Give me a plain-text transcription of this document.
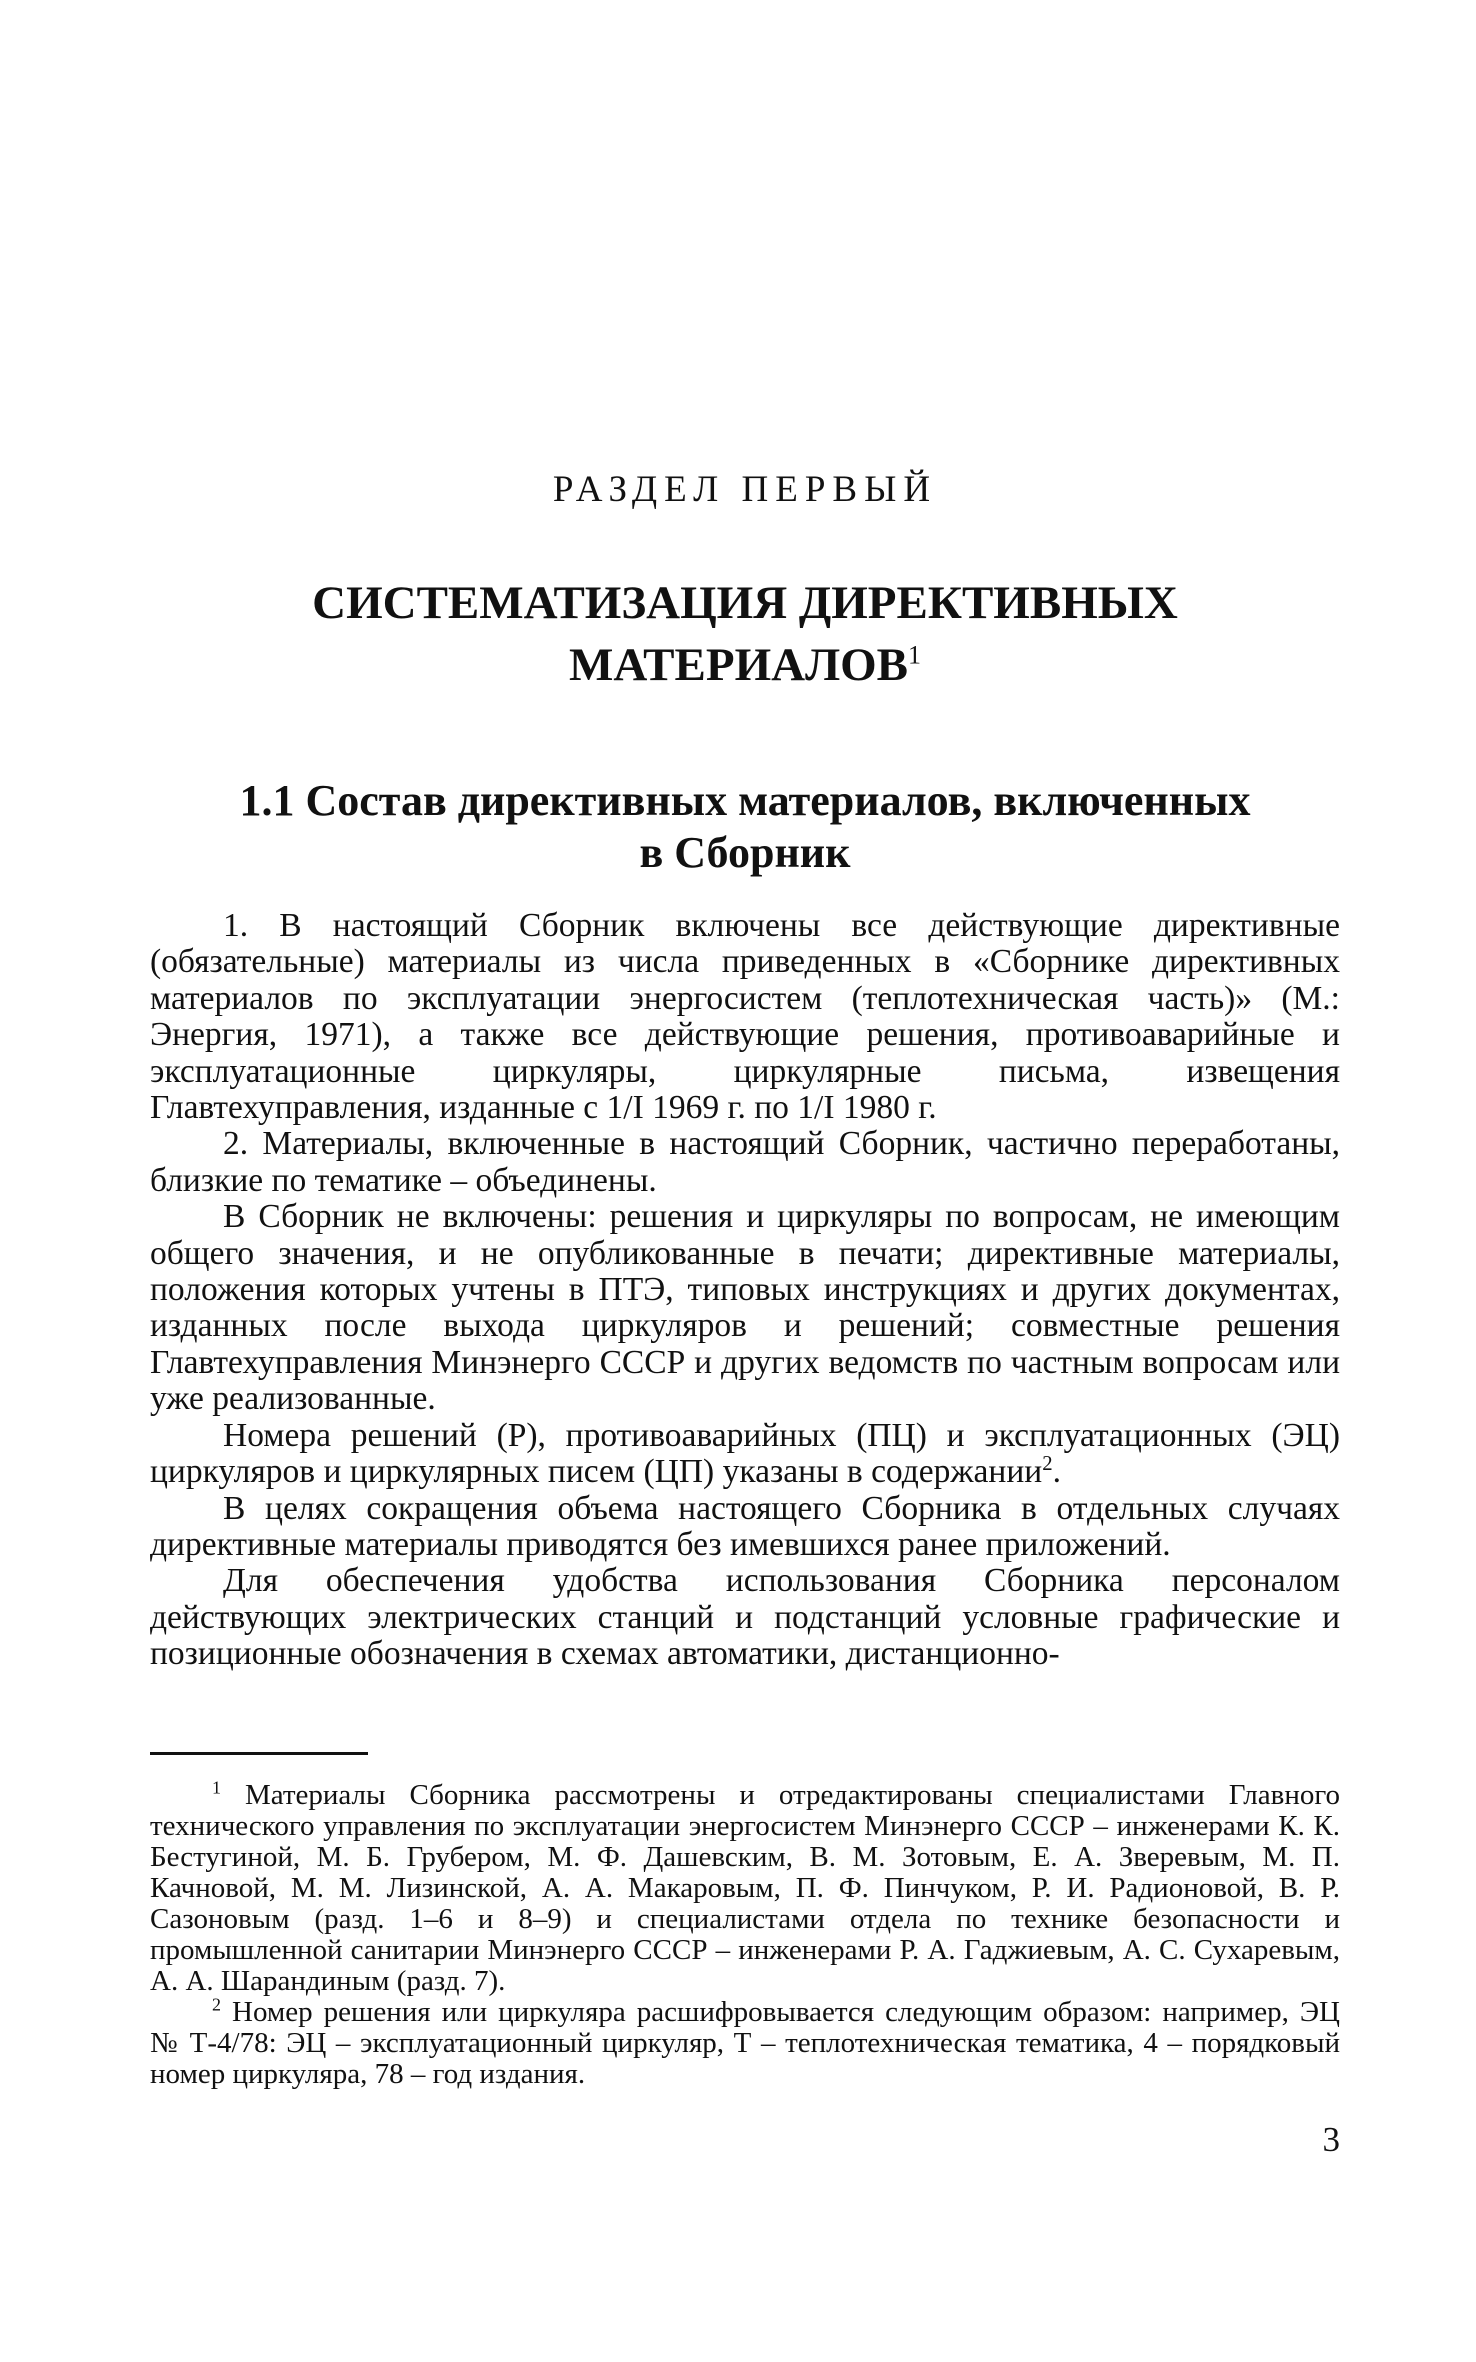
РАЗДЕЛ ПЕРВЫЙ
СИСТЕМАТИЗАЦИЯ ДИРЕКТИВНЫХ
МАТЕРИАЛОВ$^1$
1.1 Состав директивных материалов, включенных
в Сборник

1. В настоящий Сборник включены все действующие директивные (обязательные) материалы из числа приведенных в «Сборнике директивных материалов по эксплуатации энергосистем (теплотехническая часть)» (М.: Энергия, 1971), а также все действующие решения, противоаварийные и эксплуатационные циркуляры, циркулярные письма, извещения Главтехуправления, изданные с 1/I 1969 г. по 1/I 1980 г.

2. Материалы, включенные в настоящий Сборник, частично переработаны, близкие по тематике – объединены.

В Сборник не включены: решения и циркуляры по вопросам, не имеющим общего значения, и не опубликованные в печати; директивные материалы, положения которых учтены в ПТЭ, типовых инструкциях и других документах, изданных после выхода циркуляров и решений; совместные решения Главтехуправления Минэнерго СССР и других ведомств по частным вопросам или уже реализованные.

Номера решений (Р), противоаварийных (ПЦ) и эксплуатационных (ЭЦ) циркуляров и циркулярных писем (ЦП) указаны в содержании$^2$.

В целях сокращения объема настоящего Сборника в отдельных случаях директивные материалы приводятся без имевшихся ранее приложений.

Для обеспечения удобства использования Сборника персоналом действующих электрических станций и подстанций условные графические и позиционные обозначения в схемах автоматики, дистанционно-

$^1$ Материалы Сборника рассмотрены и отредактированы специалистами Главного технического управления по эксплуатации энергосистем Минэнерго СССР – инженерами К. К. Бестугиной, М. Б. Грубером, М. Ф. Дашевским, В. М. Зотовым, Е. А. Зверевым, М. П. Качновой, М. М. Лизинской, А. А. Макаровым, П. Ф. Пинчуком, Р. И. Радионовой, В. Р. Сазоновым (разд. 1–6 и 8–9) и специалистами отдела по технике безопасности и промышленной санитарии Минэнерго СССР – инженерами Р. А. Гаджиевым, А. С. Сухаревым, А. А. Шарандиным (разд. 7).

$^2$ Номер решения или циркуляра расшифровывается следующим образом: например, ЭЦ № Т-4/78: ЭЦ – эксплуатационный циркуляр, Т – теплотехническая тематика, 4 – порядковый номер циркуляра, 78 – год издания.

3
